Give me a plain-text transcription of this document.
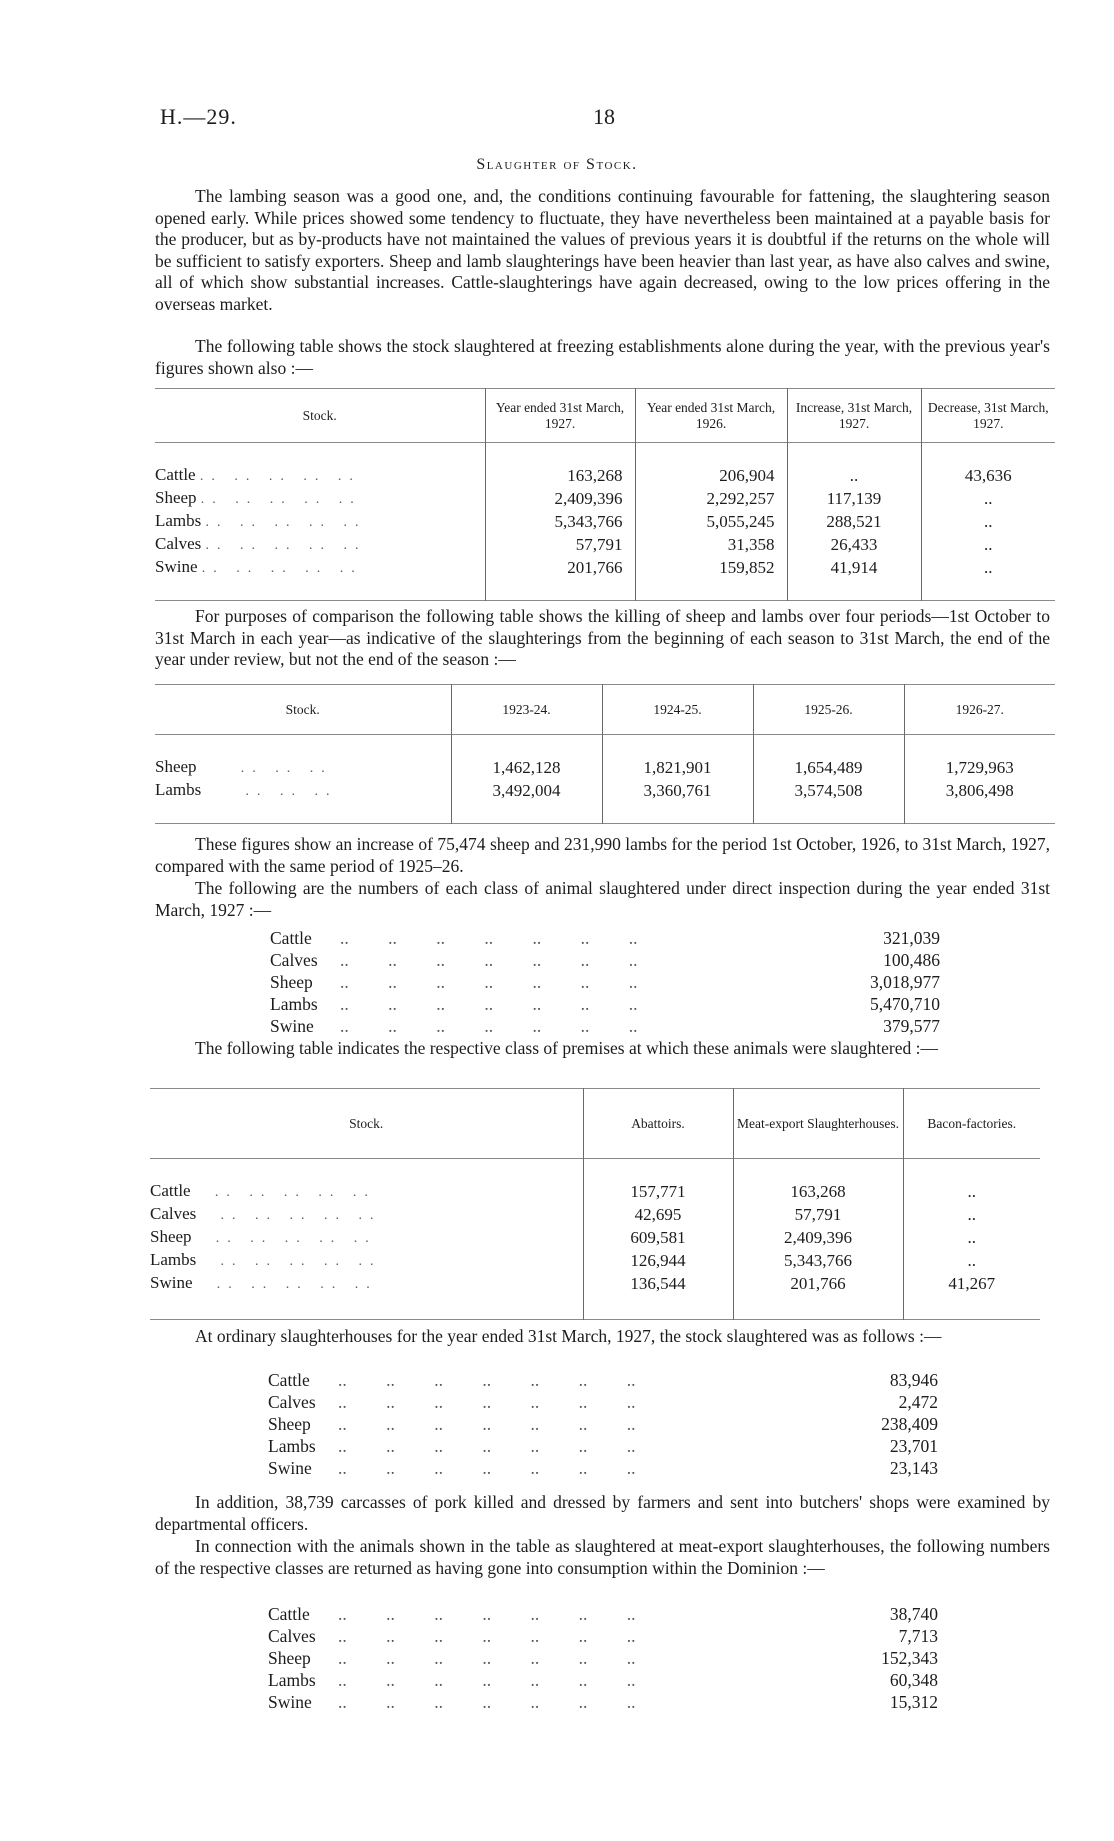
H.—29.	18
Slaughter of Stock.

The lambing season was a good one, and, the conditions continuing favourable for fattening, the slaughtering season opened early. While prices showed some tendency to fluctuate, they have nevertheless been maintained at a payable basis for the producer, but as by-products have not maintained the values of previous years it is doubtful if the returns on the whole will be sufficient to satisfy exporters. Sheep and lamb slaughterings have been heavier than last year, as have also calves and swine, all of which show substantial increases. Cattle-slaughterings have again decreased, owing to the low prices offering in the overseas market.

The following table shows the stock slaughtered at freezing establishments alone during the year, with the previous year's figures shown also :—

Stock.	Year ended 31st March, 1927.	Year ended 31st March, 1926.	Increase, 31st March, 1927.	Decrease, 31st March, 1927.

Cattle .. .. .. .. ..	163,268	206,904	..	43,636
Sheep .. .. .. .. ..	2,409,396	2,292,257	117,139	..
Lambs .. .. .. .. ..	5,343,766	5,055,245	288,521	..
Calves .. .. .. .. ..	57,791	31,358	26,433	..
Swine .. .. .. .. ..	201,766	159,852	41,914	..

For purposes of comparison the following table shows the killing of sheep and lambs over four periods—1st October to 31st March in each year—as indicative of the slaughterings from the beginning of each season to 31st March, the end of the year under review, but not the end of the season :—

Stock.	1923-24.	1924-25.	1925-26.	1926-27.

Sheep .. .. ..	1,462,128	1,821,901	1,654,489	1,729,963
Lambs .. .. ..	3,492,004	3,360,761	3,574,508	3,806,498

These figures show an increase of 75,474 sheep and 231,990 lambs for the period 1st October, 1926, to 31st March, 1927, compared with the same period of 1925–26.

The following are the numbers of each class of animal slaughtered under direct inspection during the year ended 31st March, 1927 :—

Cattle ..         ..         ..         ..         ..         ..         ..	321,039
Calves ..         ..         ..         ..         ..         ..         ..	100,486
Sheep ..         ..         ..         ..         ..         ..         ..	3,018,977
Lambs ..         ..         ..         ..         ..         ..         ..	5,470,710
Swine ..         ..         ..         ..         ..         ..         ..	379,577

The following table indicates the respective class of premises at which these animals were slaughtered :—

Stock.	Abattoirs.	Meat-export Slaughterhouses.	Bacon-factories.

Cattle .. .. .. .. ..	157,771	163,268	..
Calves .. .. .. .. ..	42,695	57,791	..
Sheep .. .. .. .. ..	609,581	2,409,396	..
Lambs .. .. .. .. ..	126,944	5,343,766	..
Swine .. .. .. .. ..	136,544	201,766	41,267

At ordinary slaughterhouses for the year ended 31st March, 1927, the stock slaughtered was as follows :—

Cattle ..         ..         ..         ..         ..         ..         ..	83,946
Calves ..         ..         ..         ..         ..         ..         ..	2,472
Sheep ..         ..         ..         ..         ..         ..         ..	238,409
Lambs ..         ..         ..         ..         ..         ..         ..	23,701
Swine ..         ..         ..         ..         ..         ..         ..	23,143

In addition, 38,739 carcasses of pork killed and dressed by farmers and sent into butchers' shops were examined by departmental officers.

In connection with the animals shown in the table as slaughtered at meat-export slaughterhouses, the following numbers of the respective classes are returned as having gone into consumption within the Dominion :—

Cattle ..         ..         ..         ..         ..         ..         ..	38,740
Calves ..         ..         ..         ..         ..         ..         ..	7,713
Sheep ..         ..         ..         ..         ..         ..         ..	152,343
Lambs ..         ..         ..         ..         ..         ..         ..	60,348
Swine ..         ..         ..         ..         ..         ..         ..	15,312
